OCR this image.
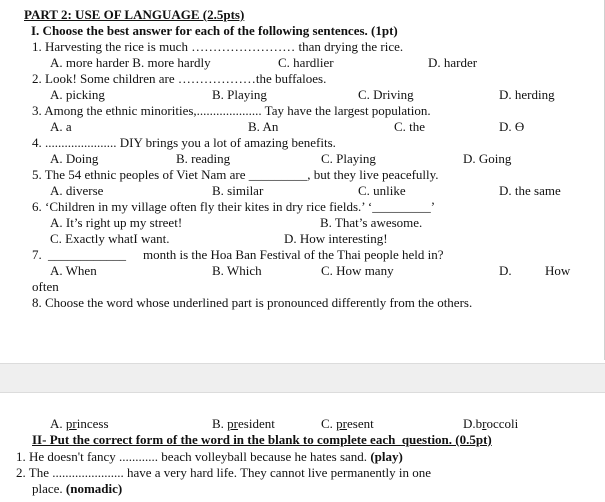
PART 2: USE OF LANGUAGE (2.5pts)
I. Choose the best answer for each of the following sentences. (1pt)
1. Harvesting the rice is much …………………… than drying the rice.
A. more harder B. more hardly	C. hardlier	D. harder
2. Look! Some children are ………………the buffaloes.
A. picking	B. Playing	C. Driving	D. herding
3. Among the ethnic minorities,.................... Tay have the largest population.
A. a	B. An	C. the	D. Ɵ
4. ...................... DIY brings you a lot of amazing benefits.
A. Doing	B. reading	C. Playing	D. Going
5. The 54 ethnic peoples of Viet Nam are _________, but they live peacefully.
A. diverse	B. similar	C. unlike	D. the same
6. ‘Children in my village often fly their kites in dry rice fields.’ ‘_________’
A. It’s right up my street!	B. That’s awesome.
C. Exactly whatI want.	D. How interesting!
7. ____________ month is the Hoa Ban Festival of the Thai people held in?
A. When	B. Which	C. How many	D.	How
often
8. Choose the word whose underlined part is pronounced differently from the others.
A. princess	B. president	C. present	D.broccoli
II- Put the correct form of the word in the blank to complete each  question. (0.5pt)
1. He doesn't fancy ............ beach volleyball because he hates sand. (play)
2. The ...................... have a very hard life. They cannot live permanently in one
place. (nomadic)
